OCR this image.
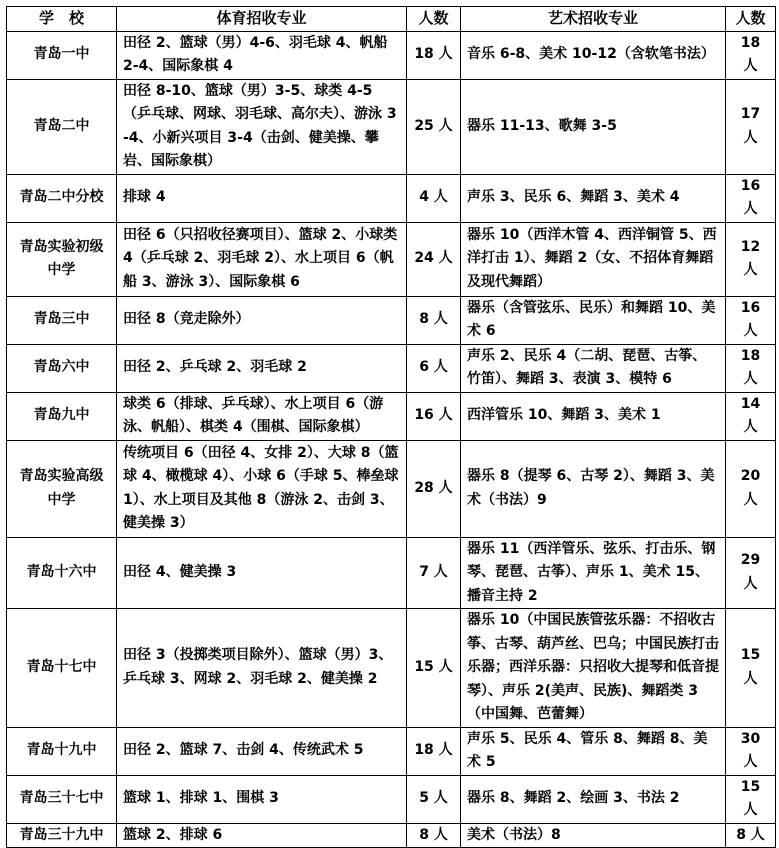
学　校	体育招收专业	人数	艺术招收专业	人数
青岛一中	田径 2、篮球（男）4-6、羽毛球 4、帆船 2-4、国际象棋 4	18 人	音乐 6-8、美术 10-12（含软笔书法）	18 人
青岛二中	田径 8-10、篮球（男）3-5、球类 4-5（乒乓球、网球、羽毛球、高尔夫）、游泳 3-4、小新兴项目 3-4（击剑、健美操、攀岩、国际象棋）	25 人	器乐 11-13、歌舞 3-5	17 人
青岛二中分校	排球 4	4 人	声乐 3、民乐 6、舞蹈 3、美术 4	16 人
青岛实验初级中学	田径 6（只招收径赛项目）、篮球 2、小球类 4（乒乓球 2、羽毛球 2）、水上项目 6（帆船 3、游泳 3）、国际象棋 6	24 人	器乐 10（西洋木管 4、西洋铜管 5、西洋打击 1）、舞蹈 2（女、不招体育舞蹈及现代舞蹈）	12 人
青岛三中	田径 8（竞走除外）	8 人	器乐（含管弦乐、民乐）和舞蹈 10、美术 6	16 人
青岛六中	田径 2、乒乓球 2、羽毛球 2	6 人	声乐 2、民乐 4（二胡、琵琶、古筝、竹笛）、舞蹈 3、表演 3、模特 6	18 人
青岛九中	球类 6（排球、乒乓球）、水上项目 6（游泳、帆船）、棋类 4（围棋、国际象棋）	16 人	西洋管乐 10、舞蹈 3、美术 1	14 人
青岛实验高级中学	传统项目 6（田径 4、女排 2）、大球 8（篮球 4、橄榄球 4）、小球 6（手球 5、棒垒球 1）、水上项目及其他 8（游泳 2、击剑 3、健美操 3）	28 人	器乐 8（提琴 6、古琴 2）、舞蹈 3、美术（书法）9	20 人
青岛十六中	田径 4、健美操 3	7 人	器乐 11（西洋管乐、弦乐、打击乐、钢琴、琵琶、古筝）、声乐 1、美术 15、播音主持 2	29 人
青岛十七中	田径 3（投掷类项目除外）、篮球（男）3、乒乓球 3、网球 2、羽毛球 2、健美操 2	15 人	器乐 10（中国民族管弦乐器：不招收古筝、古琴、葫芦丝、巴乌；中国民族打击乐器；西洋乐器：只招收大提琴和低音提琴）、声乐 2(美声、民族)、舞蹈类 3（中国舞、芭蕾舞）	15 人
青岛十九中	田径 2、篮球 7、击剑 4、传统武术 5	18 人	声乐 5、民乐 4、管乐 8、舞蹈 8、美术 5	30 人
青岛三十七中	篮球 1、排球 1、围棋 3	5 人	器乐 8、舞蹈 2、绘画 3、书法 2	15 人
青岛三十九中	篮球 2、排球 6	8 人	美术（书法）8	8 人
